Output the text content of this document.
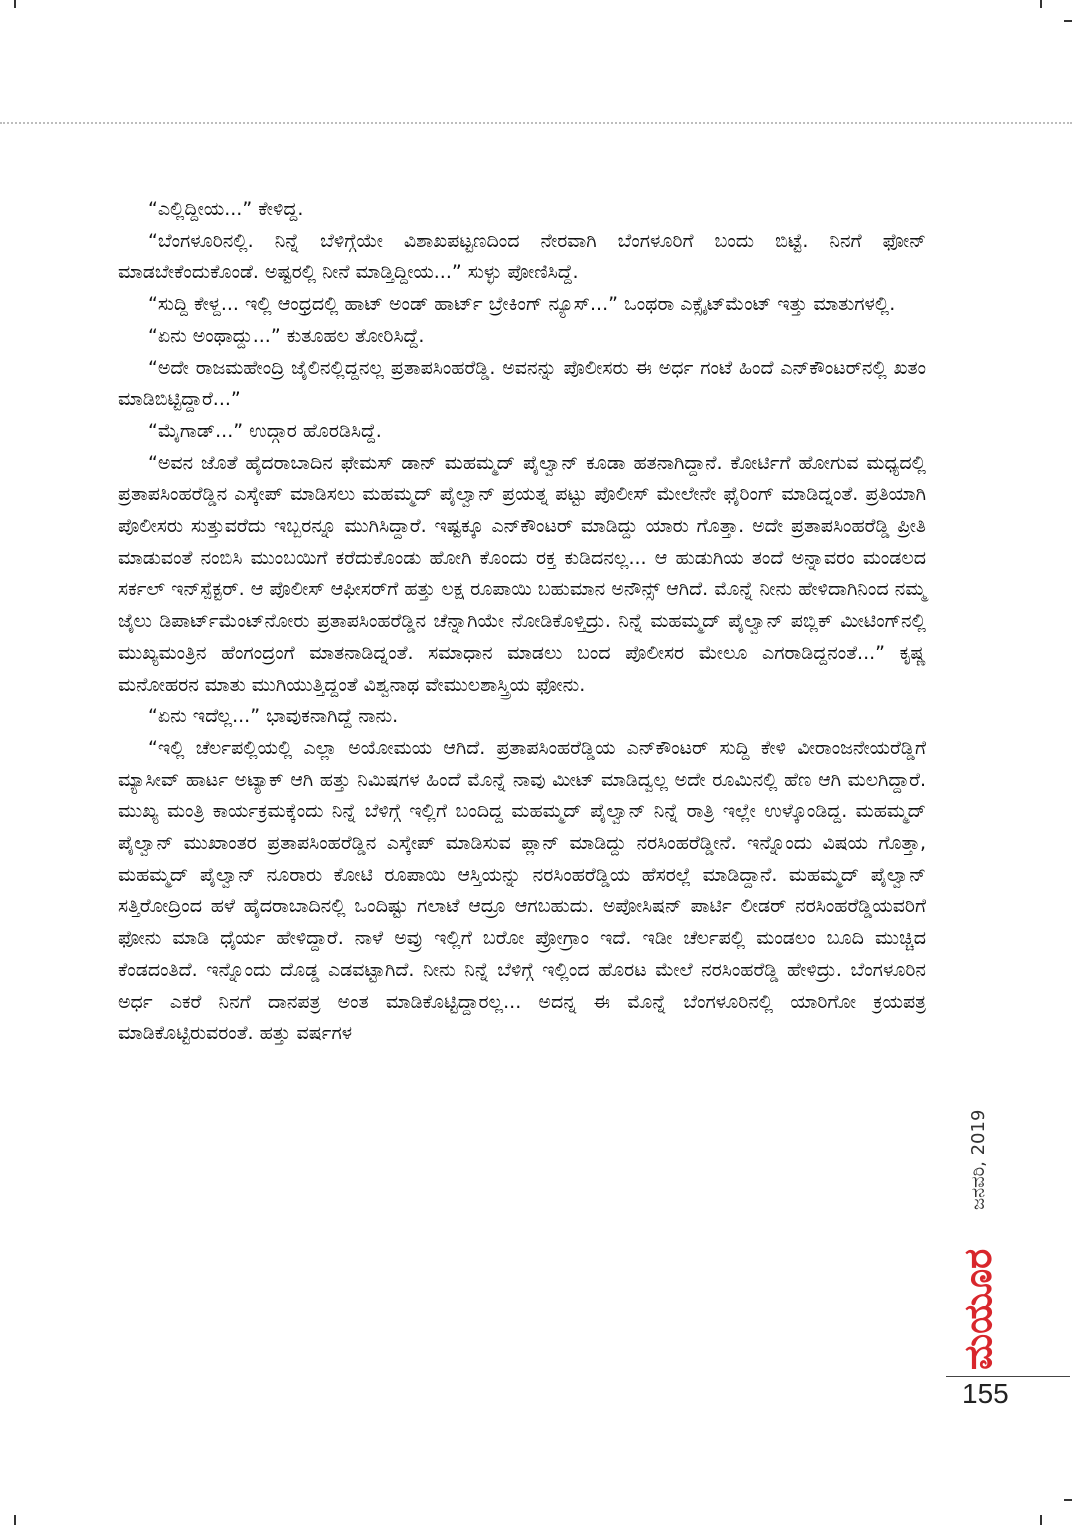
“ಎಲ್ಲಿದ್ದೀಯ...” ಕೇಳಿದ್ದ.

“ಬೆಂಗಳೂರಿನಲ್ಲಿ. ನಿನ್ನೆ ಬೆಳಿಗ್ಗೆಯೇ ವಿಶಾಖಪಟ್ಟಣದಿಂದ ನೇರವಾಗಿ ಬೆಂಗಳೂರಿಗೆ ಬಂದು ಬಿಟ್ಟೆ. ನಿನಗೆ ಫೋನ್ ಮಾಡಬೇಕೆಂದುಕೊಂಡೆ. ಅಷ್ಟರಲ್ಲಿ ನೀನೆ ಮಾಡ್ತಿದ್ದೀಯ...” ಸುಳ್ಳು ಪೋಣಿಸಿದ್ದೆ.

“ಸುದ್ದಿ ಕೇಳ್ದ... ಇಲ್ಲಿ ಆಂಧ್ರದಲ್ಲಿ ಹಾಟ್ ಅಂಡ್ ಹಾರ್ಟ್ ಬ್ರೇಕಿಂಗ್ ನ್ಯೂಸ್...” ಒಂಥರಾ ಎಕ್ಸೈಟ್‌ಮೆಂಟ್ ಇತ್ತು ಮಾತುಗಳಲ್ಲಿ.

“ಏನು ಅಂಥಾದ್ದು...” ಕುತೂಹಲ ತೋರಿಸಿದ್ದೆ.

“ಅದೇ ರಾಜಮಹೇಂದ್ರಿ ಜೈಲಿನಲ್ಲಿದ್ದನಲ್ಲ ಪ್ರತಾಪಸಿಂಹರೆಡ್ಡಿ. ಅವನನ್ನು ಪೊಲೀಸರು ಈ ಅರ್ಧ ಗಂಟೆ ಹಿಂದೆ ಎನ್‌ಕೌಂಟರ್‌ನಲ್ಲಿ ಖತಂ ಮಾಡಿಬಿಟ್ಟಿದ್ದಾರೆ...”

“ಮೈಗಾಡ್...” ಉದ್ಗಾರ ಹೊರಡಿಸಿದ್ದೆ.

“ಅವನ ಜೊತೆ ಹೈದರಾಬಾದಿನ ಫೇಮಸ್ ಡಾನ್ ಮಹಮ್ಮದ್ ಪೈಲ್ವಾನ್ ಕೂಡಾ ಹತನಾಗಿದ್ದಾನೆ. ಕೋರ್ಟಿಗೆ ಹೋಗುವ ಮಧ್ಯದಲ್ಲಿ ಪ್ರತಾಪಸಿಂಹರೆಡ್ಡಿನ ಎಸ್ಕೇಪ್ ಮಾಡಿಸಲು ಮಹಮ್ಮದ್ ಪೈಲ್ವಾನ್ ಪ್ರಯತ್ನ ಪಟ್ಟು ಪೊಲೀಸ್ ಮೇಲೇನೇ ಫೈರಿಂಗ್ ಮಾಡಿದ್ನಂತೆ. ಪ್ರತಿಯಾಗಿ ಪೊಲೀಸರು ಸುತ್ತುವರೆದು ಇಬ್ಬರನ್ನೂ ಮುಗಿಸಿದ್ದಾರೆ. ಇಷ್ಟಕ್ಕೂ ಎನ್‌ಕೌಂಟರ್ ಮಾಡಿದ್ದು ಯಾರು ಗೊತ್ತಾ. ಅದೇ ಪ್ರತಾಪಸಿಂಹರೆಡ್ಡಿ ಪ್ರೀತಿ ಮಾಡುವಂತೆ ನಂಬಿಸಿ ಮುಂಬಯಿಗೆ ಕರೆದುಕೊಂಡು ಹೋಗಿ ಕೊಂದು ರಕ್ತ ಕುಡಿದನಲ್ಲ... ಆ ಹುಡುಗಿಯ ತಂದೆ ಅನ್ನಾವರಂ ಮಂಡಲದ ಸರ್ಕಲ್ ಇನ್‌ಸ್ಪೆಕ್ಟರ್. ಆ ಪೊಲೀಸ್ ಆಫೀಸರ್‌ಗೆ ಹತ್ತು ಲಕ್ಷ ರೂಪಾಯಿ ಬಹುಮಾನ ಅನೌನ್ಸ್ ಆಗಿದೆ. ಮೊನ್ನೆ ನೀನು ಹೇಳಿದಾಗಿನಿಂದ ನಮ್ಮ ಜೈಲು ಡಿಪಾರ್ಟ್‌ಮೆಂಟ್‌ನೋರು ಪ್ರತಾಪಸಿಂಹರೆಡ್ಡಿನ ಚೆನ್ನಾಗಿಯೇ ನೋಡಿಕೊಳ್ತಿದ್ರು. ನಿನ್ನೆ ಮಹಮ್ಮದ್ ಪೈಲ್ವಾನ್ ಪಬ್ಲಿಕ್ ಮೀಟಿಂಗ್‌ನಲ್ಲಿ ಮುಖ್ಯಮಂತ್ರಿನ ಹೆಂಗಂದ್ರಂಗೆ ಮಾತನಾಡಿದ್ನಂತೆ. ಸಮಾಧಾನ ಮಾಡಲು ಬಂದ ಪೊಲೀಸರ ಮೇಲೂ ಎಗರಾಡಿದ್ದನಂತೆ...” ಕೃಷ್ಣ ಮನೋಹರನ ಮಾತು ಮುಗಿಯುತ್ತಿದ್ದಂತೆ ವಿಶ್ವನಾಥ ವೇಮುಲಶಾಸ್ತ್ರಿಯ ಫೋನು.

“ಏನು ಇದೆಲ್ಲ...” ಭಾವುಕನಾಗಿದ್ದೆ ನಾನು.

“ಇಲ್ಲಿ ಚೆರ್ಲಪಲ್ಲಿಯಲ್ಲಿ ಎಲ್ಲಾ ಅಯೋಮಯ ಆಗಿದೆ. ಪ್ರತಾಪಸಿಂಹರೆಡ್ಡಿಯ ಎನ್‌ಕೌಂಟರ್ ಸುದ್ದಿ ಕೇಳಿ ವೀರಾಂಜನೇಯರೆಡ್ಡಿಗೆ ಮ್ಯಾಸೀವ್ ಹಾರ್ಟ ಅಟ್ಯಾಕ್ ಆಗಿ ಹತ್ತು ನಿಮಿಷಗಳ ಹಿಂದೆ ಮೊನ್ನೆ ನಾವು ಮೀಟ್ ಮಾಡಿದ್ವಲ್ಲ ಅದೇ ರೂಮಿನಲ್ಲಿ ಹೆಣ ಆಗಿ ಮಲಗಿದ್ದಾರೆ. ಮುಖ್ಯ ಮಂತ್ರಿ ಕಾರ್ಯಕ್ರಮಕ್ಕೆಂದು ನಿನ್ನೆ ಬೆಳಿಗ್ಗೆ ಇಲ್ಲಿಗೆ ಬಂದಿದ್ದ ಮಹಮ್ಮದ್ ಪೈಲ್ವಾನ್ ನಿನ್ನೆ ರಾತ್ರಿ ಇಲ್ಲೇ ಉಳ್ಕೊಂಡಿದ್ದ. ಮಹಮ್ಮದ್ ಪೈಲ್ವಾನ್ ಮುಖಾಂತರ ಪ್ರತಾಪಸಿಂಹರೆಡ್ಡಿನ ಎಸ್ಕೇಪ್ ಮಾಡಿಸುವ ಪ್ಲಾನ್ ಮಾಡಿದ್ದು ನರಸಿಂಹರೆಡ್ಡೀನೆ. ಇನ್ನೊಂದು ವಿಷಯ ಗೊತ್ತಾ, ಮಹಮ್ಮದ್ ಪೈಲ್ವಾನ್ ನೂರಾರು ಕೋಟಿ ರೂಪಾಯಿ ಆಸ್ತಿಯನ್ನು ನರಸಿಂಹರೆಡ್ಡಿಯ ಹೆಸರಲ್ಲೆ ಮಾಡಿದ್ದಾನೆ. ಮಹಮ್ಮದ್ ಪೈಲ್ವಾನ್ ಸತ್ತಿರೋದ್ರಿಂದ ಹಳೆ ಹೈದರಾಬಾದಿನಲ್ಲಿ ಒಂದಿಷ್ಟು ಗಲಾಟೆ ಆದ್ರೂ ಆಗಬಹುದು. ಅಪೋಸಿಷನ್ ಪಾರ್ಟಿ ಲೀಡರ್ ನರಸಿಂಹರೆಡ್ಡಿಯವರಿಗೆ ಫೋನು ಮಾಡಿ ಧೈರ್ಯ ಹೇಳಿದ್ದಾರೆ. ನಾಳೆ ಅವ್ರು ಇಲ್ಲಿಗೆ ಬರೋ ಪ್ರೋಗ್ರಾಂ ಇದೆ. ಇಡೀ ಚೆರ್ಲಪಲ್ಲಿ ಮಂಡಲಂ ಬೂದಿ ಮುಚ್ಚಿದ ಕೆಂಡದಂತಿದೆ. ಇನ್ನೊಂದು ದೊಡ್ಡ ಎಡವಟ್ಟಾಗಿದೆ. ನೀನು ನಿನ್ನೆ ಬೆಳಿಗ್ಗೆ ಇಲ್ಲಿಂದ ಹೊರಟ ಮೇಲೆ ನರಸಿಂಹರೆಡ್ಡಿ ಹೇಳಿದ್ರು. ಬೆಂಗಳೂರಿನ ಅರ್ಧ ಎಕರೆ ನಿನಗೆ ದಾನಪತ್ರ ಅಂತ ಮಾಡಿಕೊಟ್ಟಿದ್ದಾರಲ್ಲ... ಅದನ್ನ ಈ ಮೊನ್ನೆ ಬೆಂಗಳೂರಿನಲ್ಲಿ ಯಾರಿಗೋ ಕ್ರಯಪತ್ರ ಮಾಡಿಕೊಟ್ಟಿರುವರಂತೆ. ಹತ್ತು ವರ್ಷಗಳ

ಜನವರಿ, 2019
ಮಯೂರ
155
